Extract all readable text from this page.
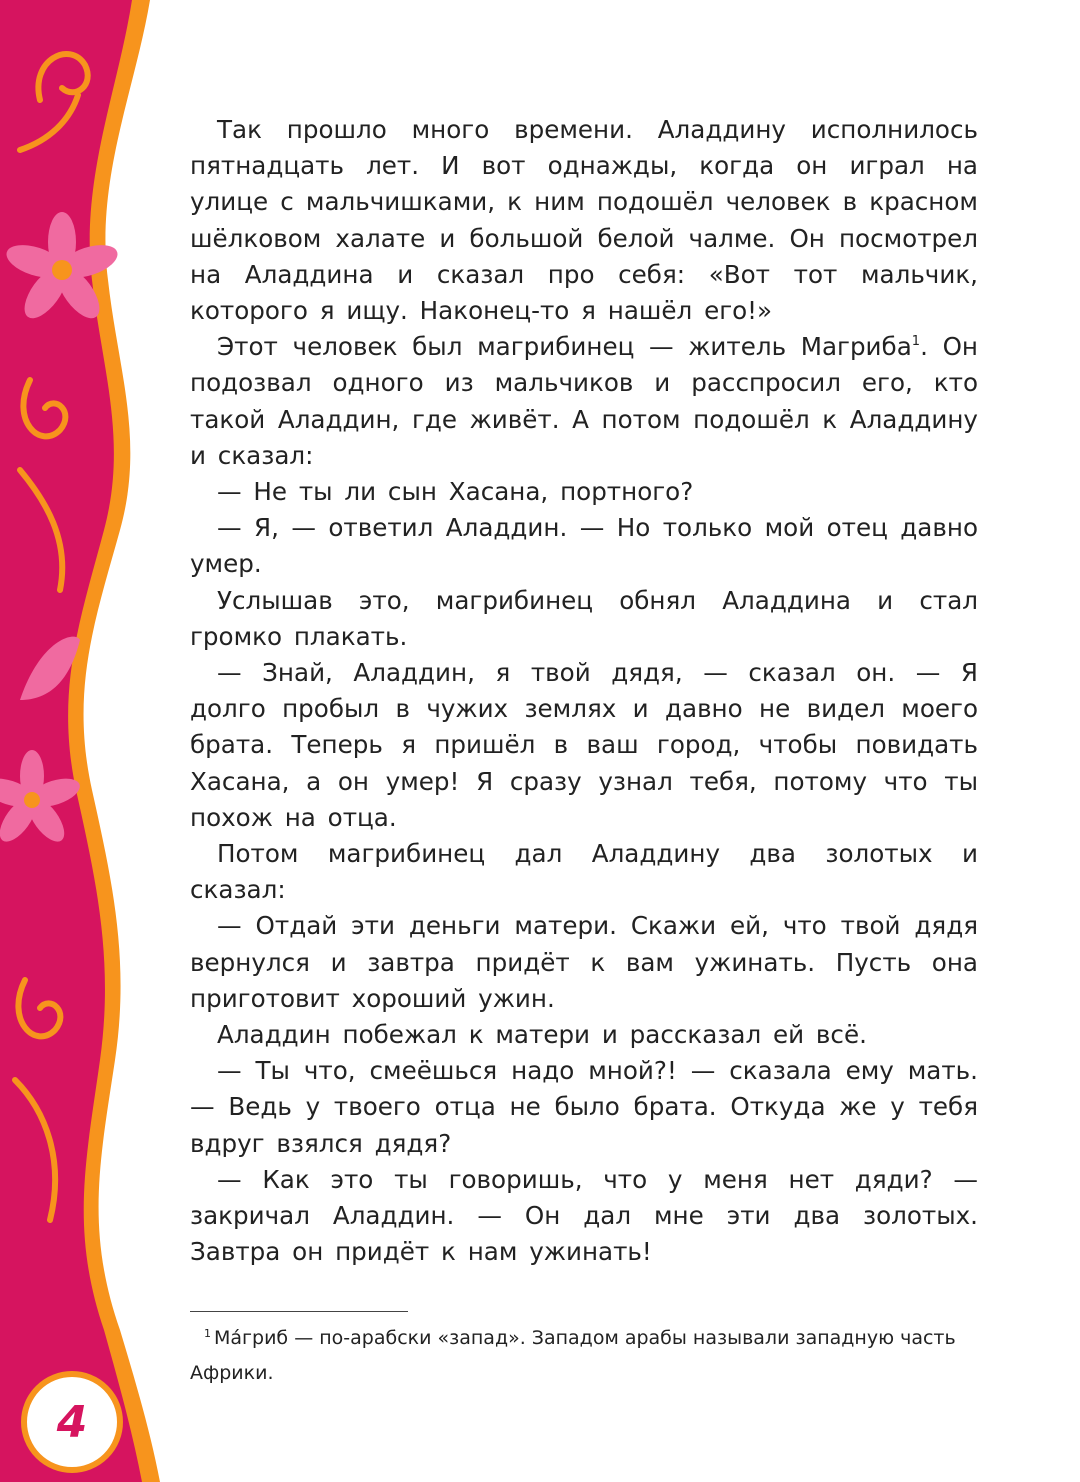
Так прошло много времени. Аладдину исполнилось пятнадцать лет. И вот однажды, когда он играл на улице с мальчишками, к ним подошёл человек в красном шёлковом халате и большой белой чалме. Он посмотрел на Аладдина и сказал про себя: «Вот тот мальчик, которого я ищу. Наконец-то я нашёл его!»

Этот человек был магрибинец — житель Магриба$^1$. Он подозвал одного из мальчиков и расспросил его, кто такой Аладдин, где живёт. А потом подошёл к Аладдину и сказал:

— Не ты ли сын Хасана, портного?

— Я, — ответил Аладдин. — Но только мой отец давно умер.

Услышав это, магрибинец обнял Аладдина и стал громко плакать.

— Знай, Аладдин, я твой дядя, — сказал он. — Я долго пробыл в чужих землях и давно не видел моего брата. Теперь я пришёл в ваш город, чтобы повидать Хасана, а он умер! Я сразу узнал тебя, потому что ты похож на отца.

Потом магрибинец дал Аладдину два золотых и сказал:

— Отдай эти деньги матери. Скажи ей, что твой дядя вернулся и завтра придёт к вам ужинать. Пусть она приготовит хороший ужин.

Аладдин побежал к матери и рассказал ей всё.

— Ты что, смеёшься надо мной?! — сказала ему мать. — Ведь у твоего отца не было брата. Откуда же у тебя вдруг взялся дядя?

— Как это ты говоришь, что у меня нет дяди? — закричал Аладдин. — Он дал мне эти два золотых. Завтра он придёт к нам ужинать!

$^1$ Ма́гриб — по-арабски «запад». Западом арабы называли западную часть Африки.

4
